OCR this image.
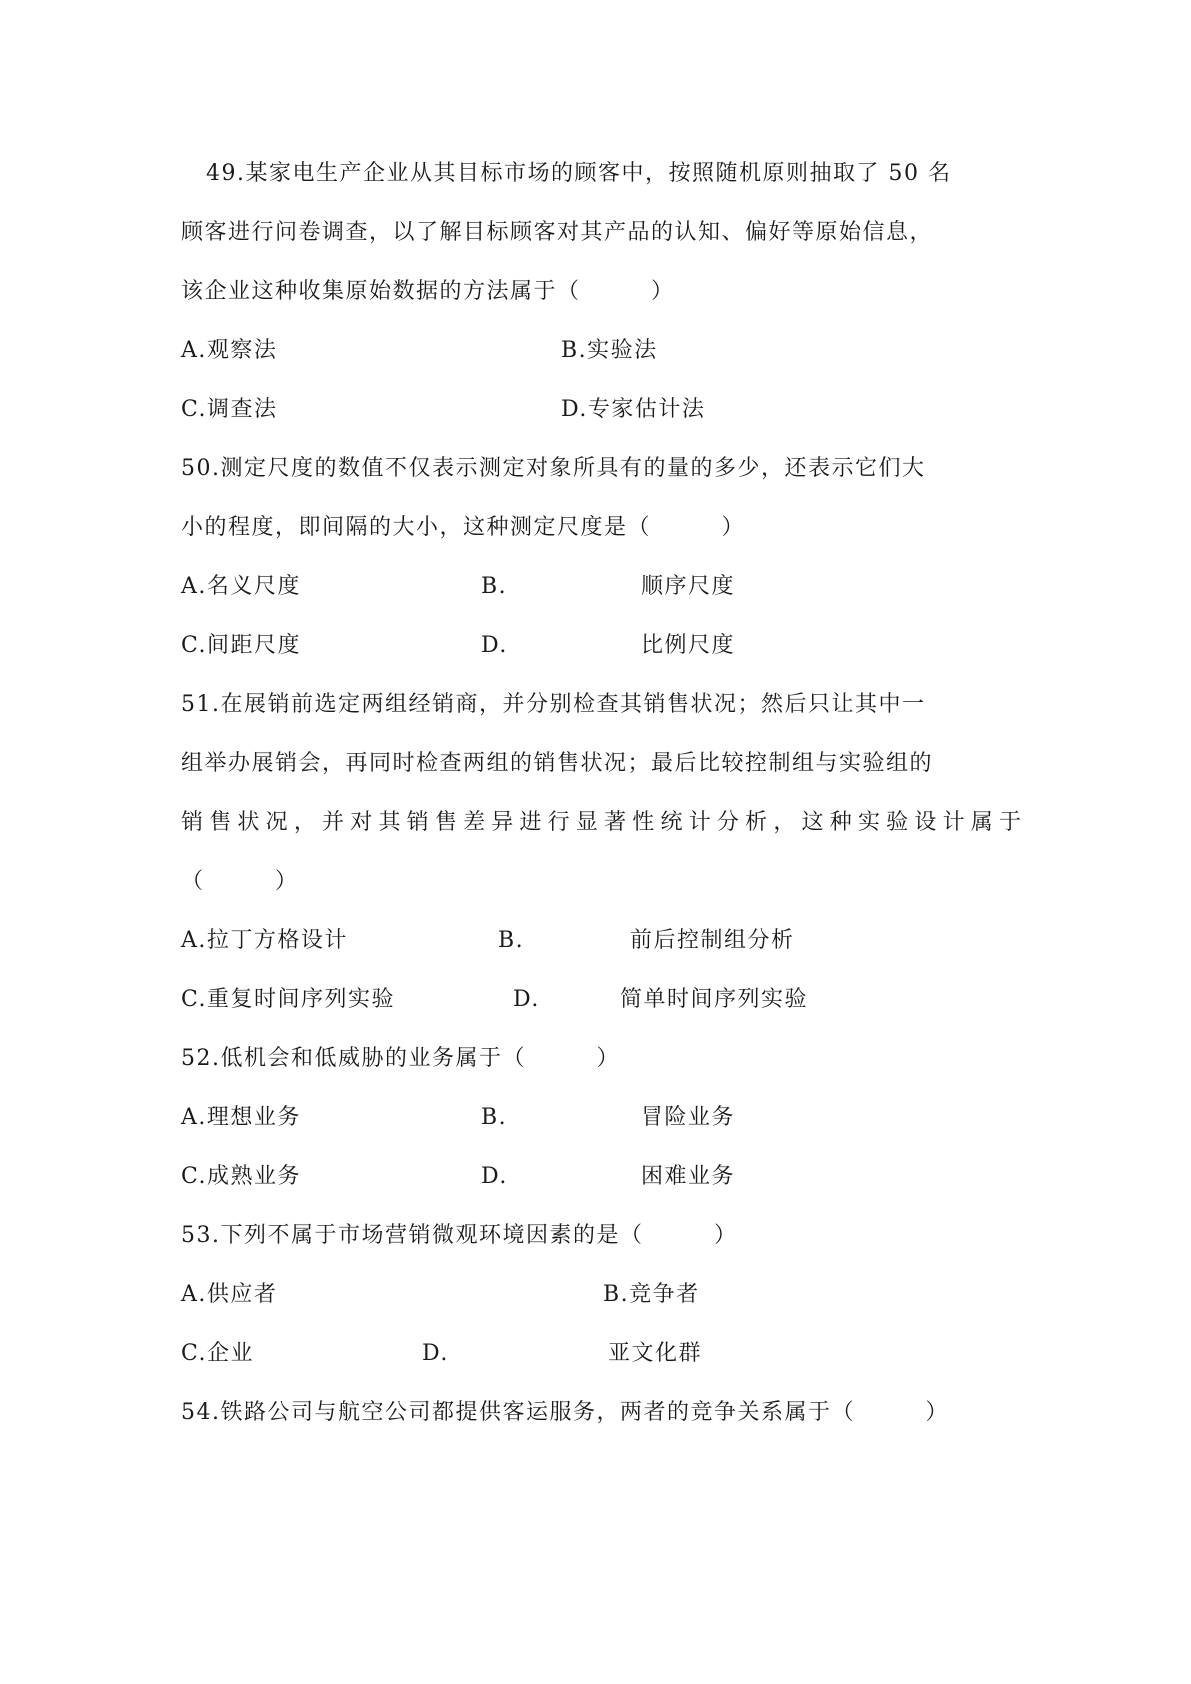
49.某家电生产企业从其目标市场的顾客中，按照随机原则抽取了 50 名
顾客进行问卷调查，以了解目标顾客对其产品的认知、偏好等原始信息，
该企业这种收集原始数据的方法属于（　　　）
A.观察法	B.实验法
C.调查法	D.专家估计法
50.测定尺度的数值不仅表示测定对象所具有的量的多少，还表示它们大
小的程度，即间隔的大小，这种测定尺度是（　　　）
A.名义尺度	B.	顺序尺度
C.间距尺度	D.	比例尺度
51.在展销前选定两组经销商，并分别检查其销售状况；然后只让其中一
组举办展销会，再同时检查两组的销售状况；最后比较控制组与实验组的
销售状况，并对其销售差异进行显著性统计分析，这种实验设计属于
（　　　）
A.拉丁方格设计	B.	前后控制组分析
C.重复时间序列实验	D.	简单时间序列实验
52.低机会和低威胁的业务属于（　　　）
A.理想业务	B.	冒险业务
C.成熟业务	D.	困难业务
53.下列不属于市场营销微观环境因素的是（　　　）
A.供应者	B.竞争者
C.企业	D.	亚文化群
54.铁路公司与航空公司都提供客运服务，两者的竞争关系属于（　　　）
